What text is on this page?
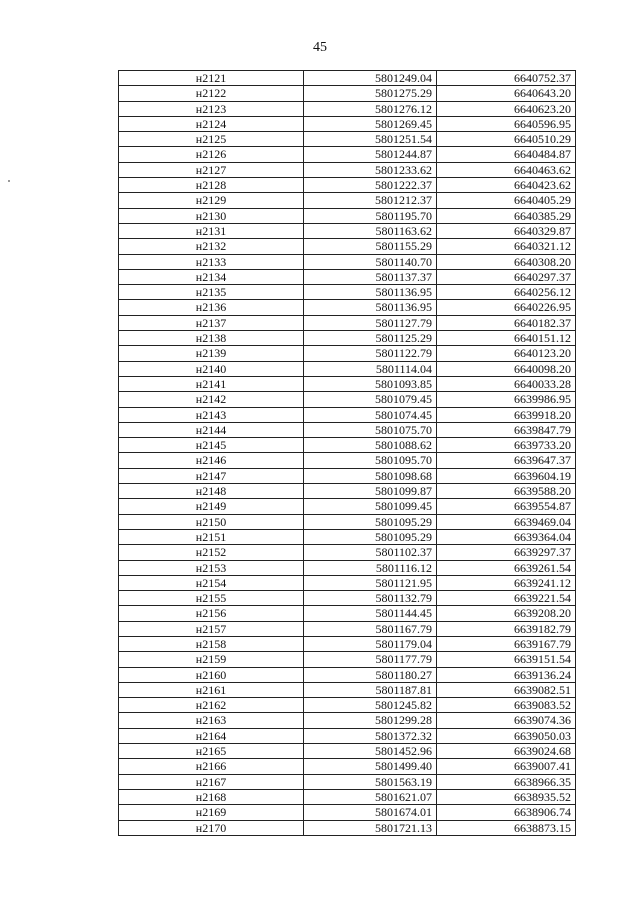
45
н2121	5801249.04	6640752.37
н2122	5801275.29	6640643.20
н2123	5801276.12	6640623.20
н2124	5801269.45	6640596.95
н2125	5801251.54	6640510.29
н2126	5801244.87	6640484.87
н2127	5801233.62	6640463.62
н2128	5801222.37	6640423.62
н2129	5801212.37	6640405.29
н2130	5801195.70	6640385.29
н2131	5801163.62	6640329.87
н2132	5801155.29	6640321.12
н2133	5801140.70	6640308.20
н2134	5801137.37	6640297.37
н2135	5801136.95	6640256.12
н2136	5801136.95	6640226.95
н2137	5801127.79	6640182.37
н2138	5801125.29	6640151.12
н2139	5801122.79	6640123.20
н2140	5801114.04	6640098.20
н2141	5801093.85	6640033.28
н2142	5801079.45	6639986.95
н2143	5801074.45	6639918.20
н2144	5801075.70	6639847.79
н2145	5801088.62	6639733.20
н2146	5801095.70	6639647.37
н2147	5801098.68	6639604.19
н2148	5801099.87	6639588.20
н2149	5801099.45	6639554.87
н2150	5801095.29	6639469.04
н2151	5801095.29	6639364.04
н2152	5801102.37	6639297.37
н2153	5801116.12	6639261.54
н2154	5801121.95	6639241.12
н2155	5801132.79	6639221.54
н2156	5801144.45	6639208.20
н2157	5801167.79	6639182.79
н2158	5801179.04	6639167.79
н2159	5801177.79	6639151.54
н2160	5801180.27	6639136.24
н2161	5801187.81	6639082.51
н2162	5801245.82	6639083.52
н2163	5801299.28	6639074.36
н2164	5801372.32	6639050.03
н2165	5801452.96	6639024.68
н2166	5801499.40	6639007.41
н2167	5801563.19	6638966.35
н2168	5801621.07	6638935.52
н2169	5801674.01	6638906.74
н2170	5801721.13	6638873.15
